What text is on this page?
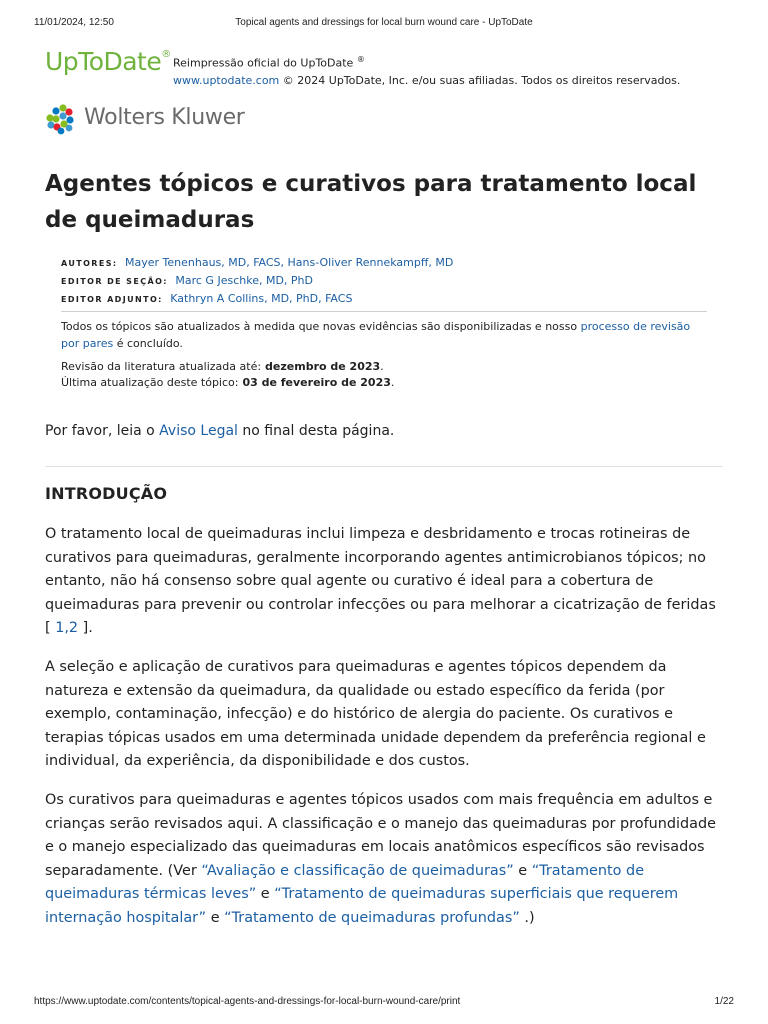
11/01/2024, 12:50	Topical agents and dressings for local burn wound care - UpToDate
UpToDate®
Reimpressão oficial do UpToDate ®
www.uptodate.com © 2024 UpToDate, Inc. e/ou suas afiliadas. Todos os direitos reservados.
Wolters Kluwer
Agentes tópicos e curativos para tratamento local de queimaduras
AUTORES: Mayer Tenenhaus, MD, FACS, Hans-Oliver Rennekampff, MD
EDITOR DE SEÇÃO: Marc G Jeschke, MD, PhD
EDITOR ADJUNTO: Kathryn A Collins, MD, PhD, FACS
Todos os tópicos são atualizados à medida que novas evidências são disponibilizadas e nosso processo de revisão por pares é concluído.
Revisão da literatura atualizada até: dezembro de 2023.
Última atualização deste tópico: 03 de fevereiro de 2023.
Por favor, leia o Aviso Legal no final desta página.
INTRODUÇÃO

O tratamento local de queimaduras inclui limpeza e desbridamento e trocas rotineiras de curativos para queimaduras, geralmente incorporando agentes antimicrobianos tópicos; no entanto, não há consenso sobre qual agente ou curativo é ideal para a cobertura de queimaduras para prevenir ou controlar infecções ou para melhorar a cicatrização de feridas [ 1,2 ].

A seleção e aplicação de curativos para queimaduras e agentes tópicos dependem da natureza e extensão da queimadura, da qualidade ou estado específico da ferida (por exemplo, contaminação, infecção) e do histórico de alergia do paciente. Os curativos e terapias tópicas usados em uma determinada unidade dependem da preferência regional e individual, da experiência, da disponibilidade e dos custos.

Os curativos para queimaduras e agentes tópicos usados com mais frequência em adultos e crianças serão revisados aqui. A classificação e o manejo das queimaduras por profundidade e o manejo especializado das queimaduras em locais anatômicos específicos são revisados separadamente. (Ver “Avaliação e classificação de queimaduras” e “Tratamento de queimaduras térmicas leves” e “Tratamento de queimaduras superficiais que requerem internação hospitalar” e “Tratamento de queimaduras profundas” .)

https://www.uptodate.com/contents/topical-agents-and-dressings-for-local-burn-wound-care/print	1/22
